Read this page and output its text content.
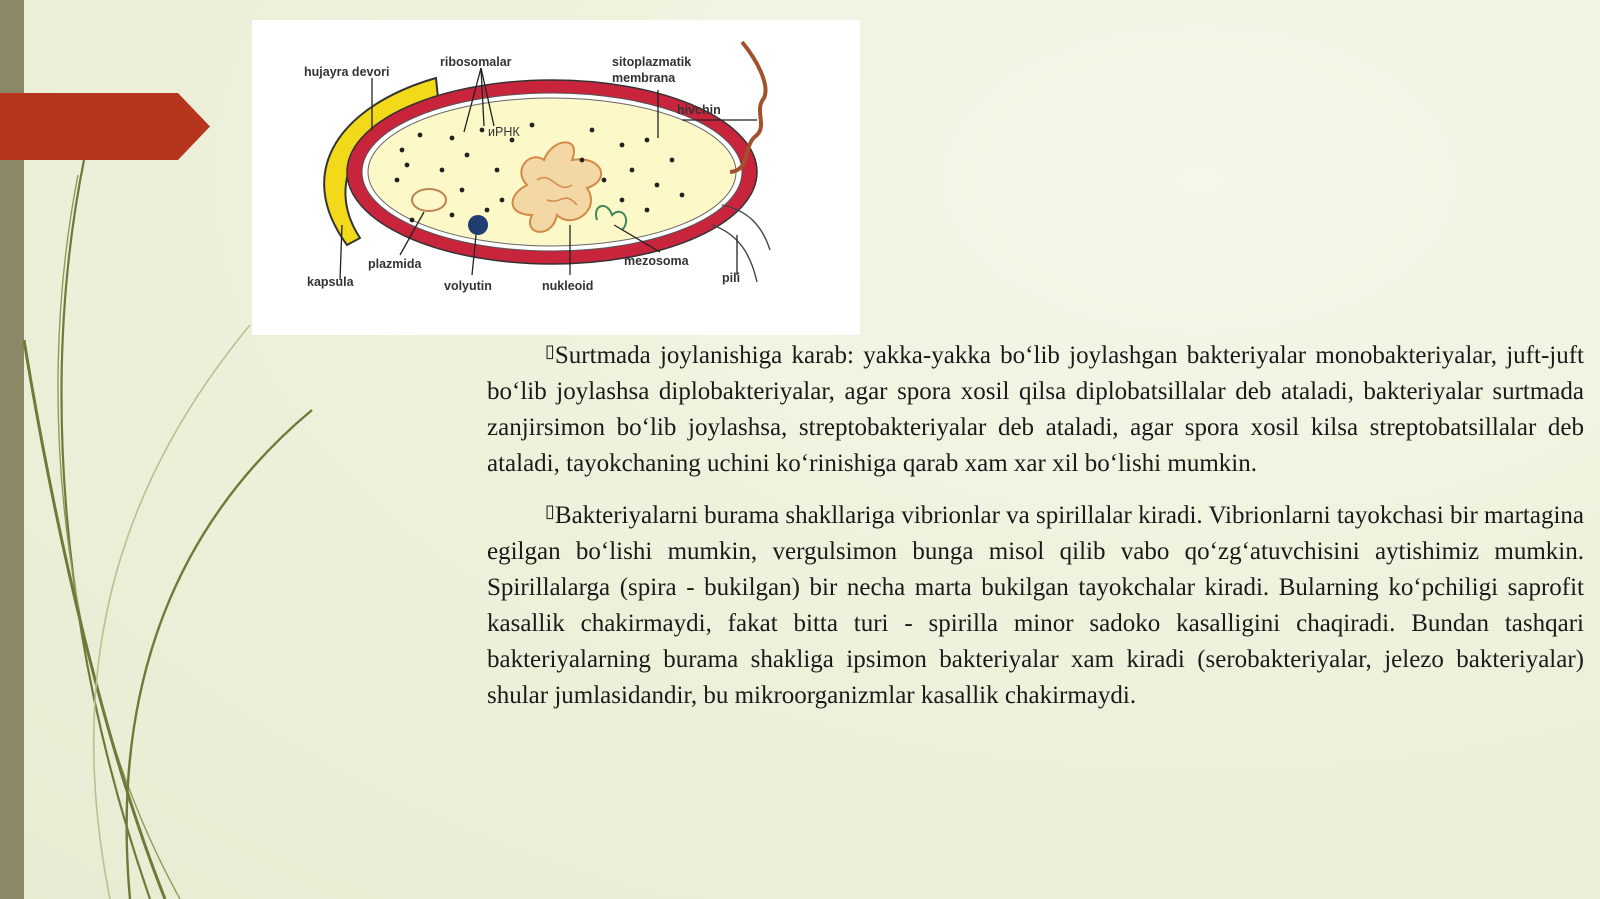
hujayra devori
ribosomalar	sitoplazmatik
membrana
hivchin
иРНК
plazmida
kapsula	volyutin	nukleoid
mezosoma
pili

▯Surtmada joylanishiga karab: yakka-yakka bo‘lib joylashgan bakteriyalar monobakteriyalar, juft-juft bo‘lib joylashsa diplobakteriyalar, agar spora xosil qilsa diplobatsillalar deb ataladi, bakteriyalar surtmada zanjirsimon bo‘lib joylashsa, streptobakteriyalar deb ataladi, agar spora xosil kilsa streptobatsillalar deb ataladi, tayokchaning uchini ko‘rinishiga qarab xam xar xil bo‘lishi mumkin.

▯Bakteriyalarni burama shakllariga vibrionlar va spirillalar kiradi. Vibrionlarni tayokchasi bir martagina egilgan bo‘lishi mumkin, vergulsimon bunga misol qilib vabo qo‘zg‘atuvchisini aytishimiz mumkin. Spirillalarga (spira - bukilgan) bir necha marta bukilgan tayokchalar kiradi. Bularning ko‘pchiligi saprofit kasallik chakirmaydi, fakat bitta turi - spirilla minor sadoko kasalligini chaqiradi. Bundan tashqari bakteriyalarning burama shakliga ipsimon bakteriyalar xam kiradi (serobakteriyalar, jelezo bakteriyalar) shular jumlasidandir, bu mikroorganizmlar kasallik chakirmaydi.
